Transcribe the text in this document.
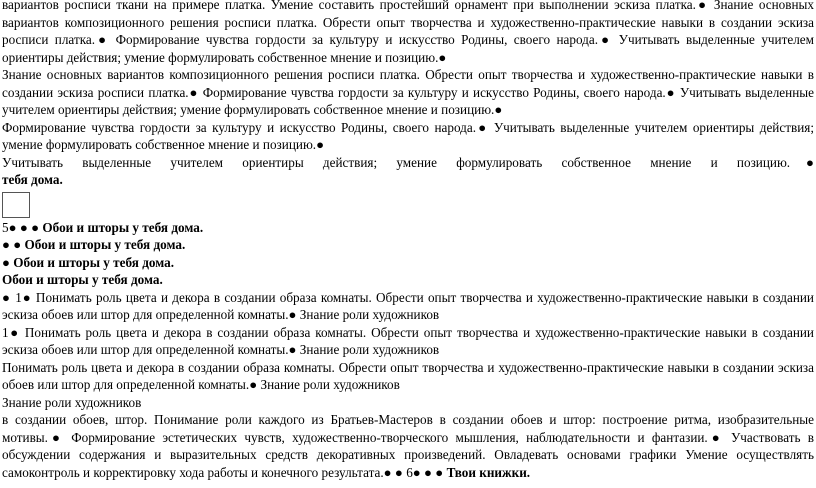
вариантов росписи ткани на примере платка. Умение составить простейший орнамент при выполнении эскиза платка.● Знание основных вариантов композиционного решения росписи платка. Обрести опыт творчества и художественно-практические навыки в создании эскиза росписи платка.● Формирование чувства гордости за культуру и искусство Родины, своего народа.● Учитывать выделенные учителем ориентиры действия; умение формулировать собственное мнение и позицию.●

Знание основных вариантов композиционного решения росписи платка. Обрести опыт творчества и художественно-практические навыки в создании эскиза росписи платка.● Формирование чувства гордости за культуру и искусство Родины, своего народа.● Учитывать выделенные учителем ориентиры действия; умение формулировать собственное мнение и позицию.●

Формирование чувства гордости за культуру и искусство Родины, своего народа.● Учитывать выделенные учителем ориентиры действия; умение формулировать собственное мнение и позицию.●

Учитывать выделенные учителем ориентиры действия; умение формулировать собственное мнение и позицию.●

тебя дома.

5● ● ● Обои и шторы у тебя дома.

● ● Обои и шторы у тебя дома.

● Обои и шторы у тебя дома.

Обои и шторы у тебя дома.

● 1● Понимать роль цвета и декора в создании образа комнаты. Обрести опыт творчества и художественно-практические навыки в создании эскиза обоев или штор для определенной комнаты.● Знание роли художников

1● Понимать роль цвета и декора в создании образа комнаты. Обрести опыт творчества и художественно-практические навыки в создании эскиза обоев или штор для определенной комнаты.● Знание роли художников

Понимать роль цвета и декора в создании образа комнаты. Обрести опыт творчества и художественно-практические навыки в создании эскиза обоев или штор для определенной комнаты.● Знание роли художников

Знание роли художников

в создании обоев, штор. Понимание роли каждого из Братьев-Мастеров в создании обоев и штор: построение ритма, изобразительные мотивы.● Формирование эстетических чувств, художественно-творческого мышления, наблюдательности и фантазии.● Участвовать в обсуждении содержания и выразительных средств декоративных произведений. Овладевать основами графики Умение осуществлять самоконтроль и корректировку хода работы и конечного результата.● ● 6● ● ● Твои книжки.
